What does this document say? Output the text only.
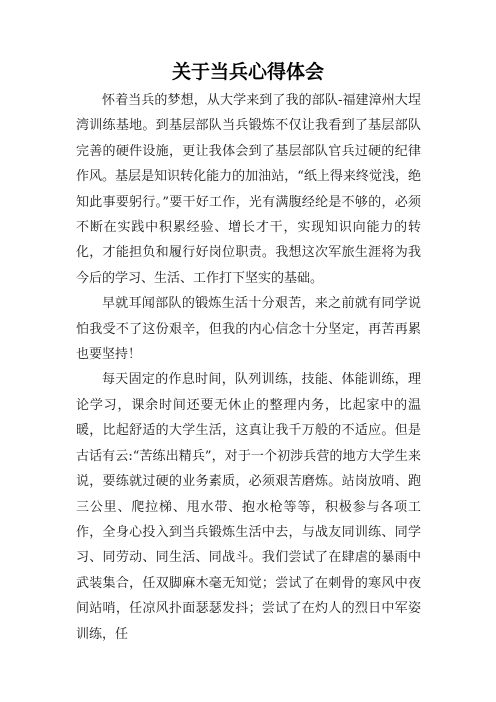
关于当兵心得体会

怀着当兵的梦想，从大学来到了我的部队-福建漳州大埕湾训练基地。到基层部队当兵锻炼不仅让我看到了基层部队完善的硬件设施，更让我体会到了基层部队官兵过硬的纪律作风。基层是知识转化能力的加油站，“纸上得来终觉浅，绝知此事要躬行。”要干好工作，光有满腹经纶是不够的，必须不断在实践中积累经验、增长才干，实现知识向能力的转化，才能担负和履行好岗位职责。我想这次军旅生涯将为我今后的学习、生活、工作打下坚实的基础。

早就耳闻部队的锻炼生活十分艰苦，来之前就有同学说怕我受不了这份艰辛，但我的内心信念十分坚定，再苦再累也要坚持！

每天固定的作息时间，队列训练，技能、体能训练，理论学习，课余时间还要无休止的整理内务，比起家中的温暖，比起舒适的大学生活，这真让我千万般的不适应。但是古话有云:“苦练出精兵”，对于一个初涉兵营的地方大学生来说，要练就过硬的业务素质，必须艰苦磨炼。站岗放哨、跑三公里、爬拉梯、甩水带、抱水枪等等，积极参与各项工作，全身心投入到当兵锻炼生活中去，与战友同训练、同学习、同劳动、同生活、同战斗。我们尝试了在肆虐的暴雨中武装集合，任双脚麻木毫无知觉；尝试了在刺骨的寒风中夜间站哨，任凉风扑面瑟瑟发抖；尝试了在灼人的烈日中军姿训练，任
